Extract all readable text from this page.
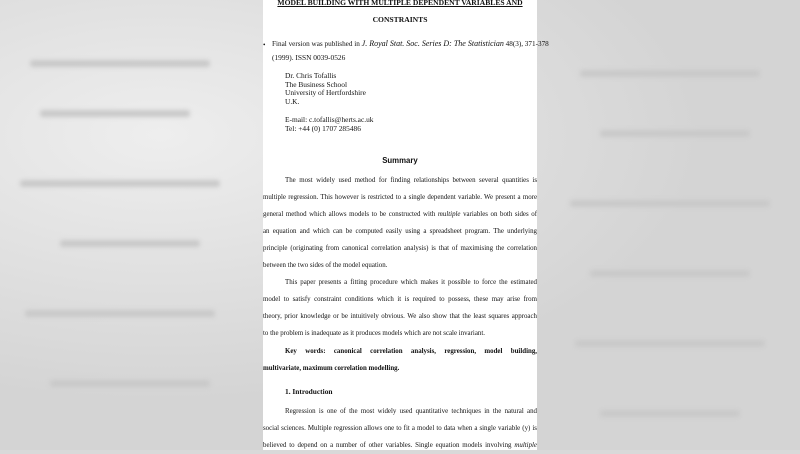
MODEL BUILDING WITH MULTIPLE DEPENDENT VARIABLES AND
CONSTRAINTS
• Final version was published in J. Royal Stat. Soc. Series D: The Statistician 48(3), 371-378
(1999). ISSN 0039-0526
Dr. Chris Tofallis
The Business School
University of Hertfordshire
U.K.
E-mail: c.tofallis@herts.ac.uk
Tel: +44 (0) 1707 285486
Summary
The most widely used method for finding relationships between several quantities is
multiple regression. This however is restricted to a single dependent variable. We present a more
general method which allows models to be constructed with multiple variables on both sides of
an equation and which can be computed easily using a spreadsheet program. The underlying
principle (originating from canonical correlation analysis) is that of maximising the correlation
between the two sides of the model equation.
This paper presents a fitting procedure which makes it possible to force the estimated
model to satisfy constraint conditions which it is required to possess, these may arise from
theory, prior knowledge or be intuitively obvious. We also show that the least squares approach
to the problem is inadequate as it produces models which are not scale invariant.
Key words: canonical correlation analysis, regression, model building,
multivariate, maximum correlation modelling.
1. Introduction
Regression is one of the most widely used quantitative techniques in the natural and
social sciences. Multiple regression allows one to fit a model to data when a single variable (y) is
believed to depend on a number of other variables. Single equation models involving multiple
